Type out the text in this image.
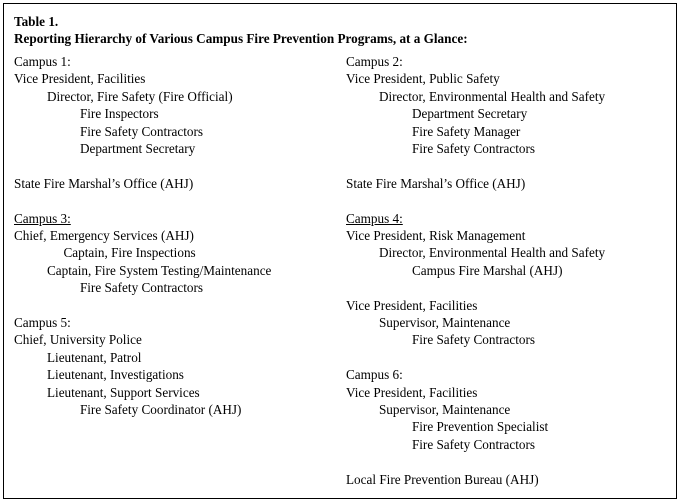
Table 1.
Reporting Hierarchy of Various Campus Fire Prevention Programs, at a Glance:
Campus 1:
Vice President, Facilities
Director, Fire Safety (Fire Official)
Fire Inspectors
Fire Safety Contractors
Department Secretary
State Fire Marshal’s Office (AHJ)
Campus 3:
Chief, Emergency Services (AHJ)
Captain, Fire Inspections
Captain, Fire System Testing/Maintenance
Fire Safety Contractors
Campus 5:
Chief, University Police
Lieutenant, Patrol
Lieutenant, Investigations
Lieutenant, Support Services
Fire Safety Coordinator (AHJ)
Campus 2:
Vice President, Public Safety
Director, Environmental Health and Safety
Department Secretary
Fire Safety Manager
Fire Safety Contractors
State Fire Marshal’s Office (AHJ)
Campus 4:
Vice President, Risk Management
Director, Environmental Health and Safety
Campus Fire Marshal (AHJ)
Vice President, Facilities
Supervisor, Maintenance
Fire Safety Contractors
Campus 6:
Vice President, Facilities
Supervisor, Maintenance
Fire Prevention Specialist
Fire Safety Contractors
Local Fire Prevention Bureau (AHJ)
